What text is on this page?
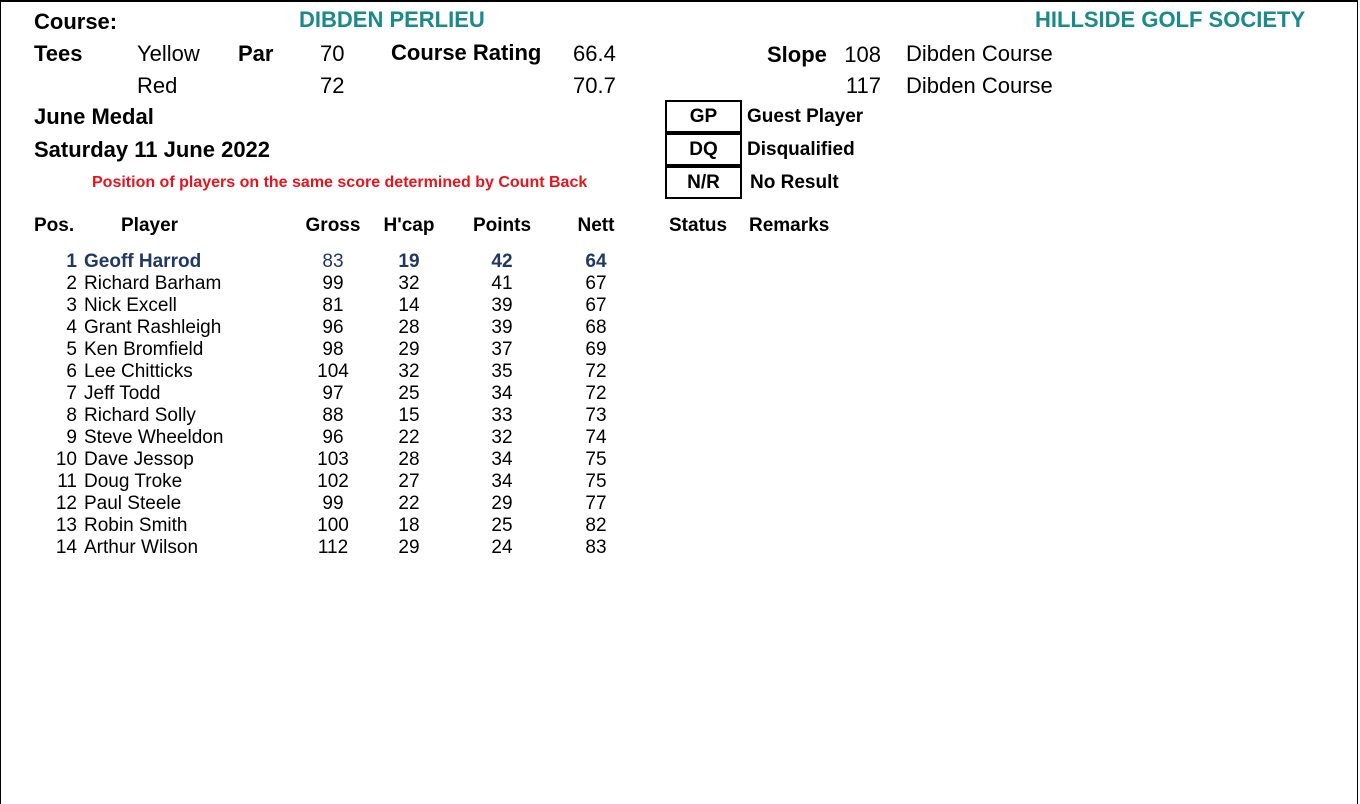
Course:	DIBDEN PERLIEU	HILLSIDE GOLF SOCIETY
Tees Yellow Par 70 Course Rating 66.4	Slope 108 Dibden Course
Red	72	70.7	117 Dibden Course
June Medal
Saturday 11 June 2022
Position of players on the same score determined by Count Back
GP	Guest Player
DQ	Disqualified
N/R	No Result
Pos. Player	Gross	H'cap	Points	Nett	Status Remarks
1 Geoff Harrod	83	19	42	64
2 Richard Barham	99	32	41	67
3 Nick Excell	81	14	39	67
4 Grant Rashleigh	96	28	39	68
5 Ken Bromfield	98	29	37	69
6 Lee Chitticks	104	32	35	72
7 Jeff Todd	97	25	34	72
8 Richard Solly	88	15	33	73
9 Steve Wheeldon	96	22	32	74
10 Dave Jessop	103	28	34	75
11 Doug Troke	102	27	34	75
12 Paul Steele	99	22	29	77
13 Robin Smith	100	18	25	82
14 Arthur Wilson	112	29	24	83
